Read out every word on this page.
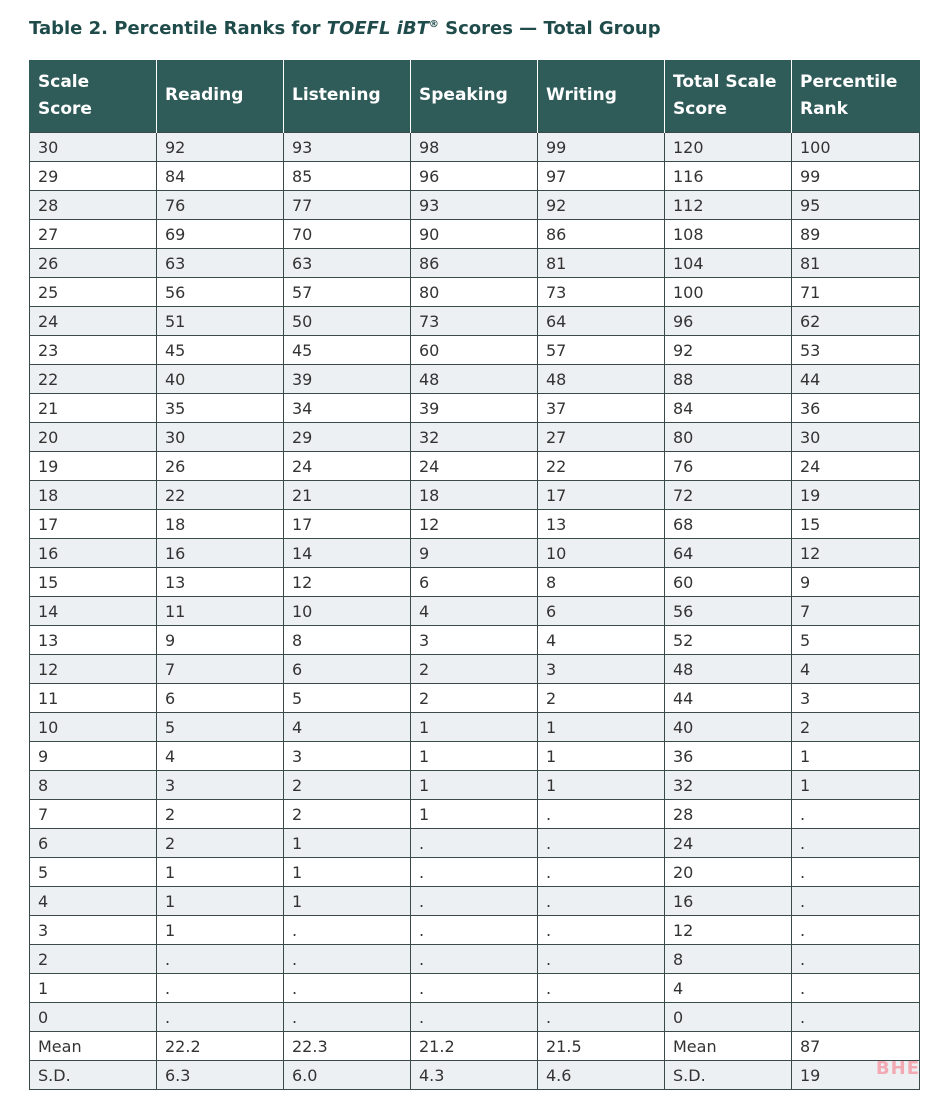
Table 2. Percentile Ranks for TOEFL iBT® Scores — Total Group
Scale Score	Reading	Listening	Speaking	Writing	Total Scale Score	Percentile Rank
30	92	93	98	99	120	100
29	84	85	96	97	116	99
28	76	77	93	92	112	95
27	69	70	90	86	108	89
26	63	63	86	81	104	81
25	56	57	80	73	100	71
24	51	50	73	64	96	62
23	45	45	60	57	92	53
22	40	39	48	48	88	44
21	35	34	39	37	84	36
20	30	29	32	27	80	30
19	26	24	24	22	76	24
18	22	21	18	17	72	19
17	18	17	12	13	68	15
16	16	14	9	10	64	12
15	13	12	6	8	60	9
14	11	10	4	6	56	7
13	9	8	3	4	52	5
12	7	6	2	3	48	4
11	6	5	2	2	44	3
10	5	4	1	1	40	2
9	4	3	1	1	36	1
8	3	2	1	1	32	1
7	2	2	1	.	28	.
6	2	1	.	.	24	.
5	1	1	.	.	20	.
4	1	1	.	.	16	.
3	1	.	.	.	12	.
2	.	.	.	.	8	.
1	.	.	.	.	4	.
0	.	.	.	.	0	.
Mean	22.2	22.3	21.2	21.5	Mean	87
S.D.	6.3	6.0	4.3	4.6	S.D.	19	BHE
